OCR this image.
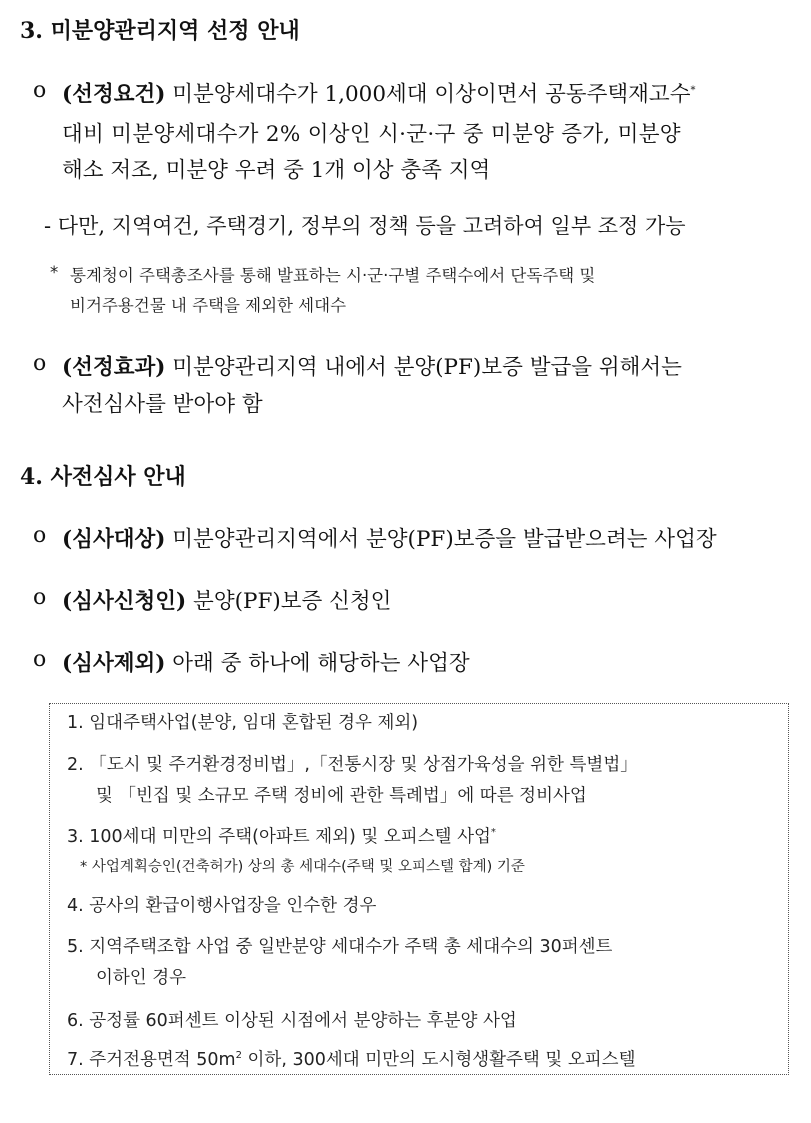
3. 미분양관리지역 선정 안내
o (선정요건) 미분양세대수가 1,000세대 이상이면서 공동주택재고수*
대비 미분양세대수가 2% 이상인 시·군·구 중 미분양 증가, 미분양
해소 저조, 미분양 우려 중 1개 이상 충족 지역
- 다만, 지역여건, 주택경기, 정부의 정책 등을 고려하여 일부 조정 가능
* 통계청이 주택총조사를 통해 발표하는 시·군·구별 주택수에서 단독주택 및
비거주용건물 내 주택을 제외한 세대수
o (선정효과) 미분양관리지역 내에서 분양(PF)보증 발급을 위해서는
사전심사를 받아야 함
4. 사전심사 안내
o (심사대상) 미분양관리지역에서 분양(PF)보증을 발급받으려는 사업장
o (심사신청인) 분양(PF)보증 신청인
o (심사제외) 아래 중 하나에 해당하는 사업장
1. 임대주택사업(분양, 임대 혼합된 경우 제외)
2. 「도시 및 주거환경정비법」,「전통시장 및 상점가육성을 위한 특별법」
및 「빈집 및 소규모 주택 정비에 관한 특례법」에 따른 정비사업
3. 100세대 미만의 주택(아파트 제외) 및 오피스텔 사업*
* 사업계획승인(건축허가) 상의 총 세대수(주택 및 오피스텔 합계) 기준
4. 공사의 환급이행사업장을 인수한 경우
5. 지역주택조합 사업 중 일반분양 세대수가 주택 총 세대수의 30퍼센트
이하인 경우
6. 공정률 60퍼센트 이상된 시점에서 분양하는 후분양 사업
7. 주거전용면적 $50m^2$ 이하, 300세대 미만의 도시형생활주택 및 오피스텔
